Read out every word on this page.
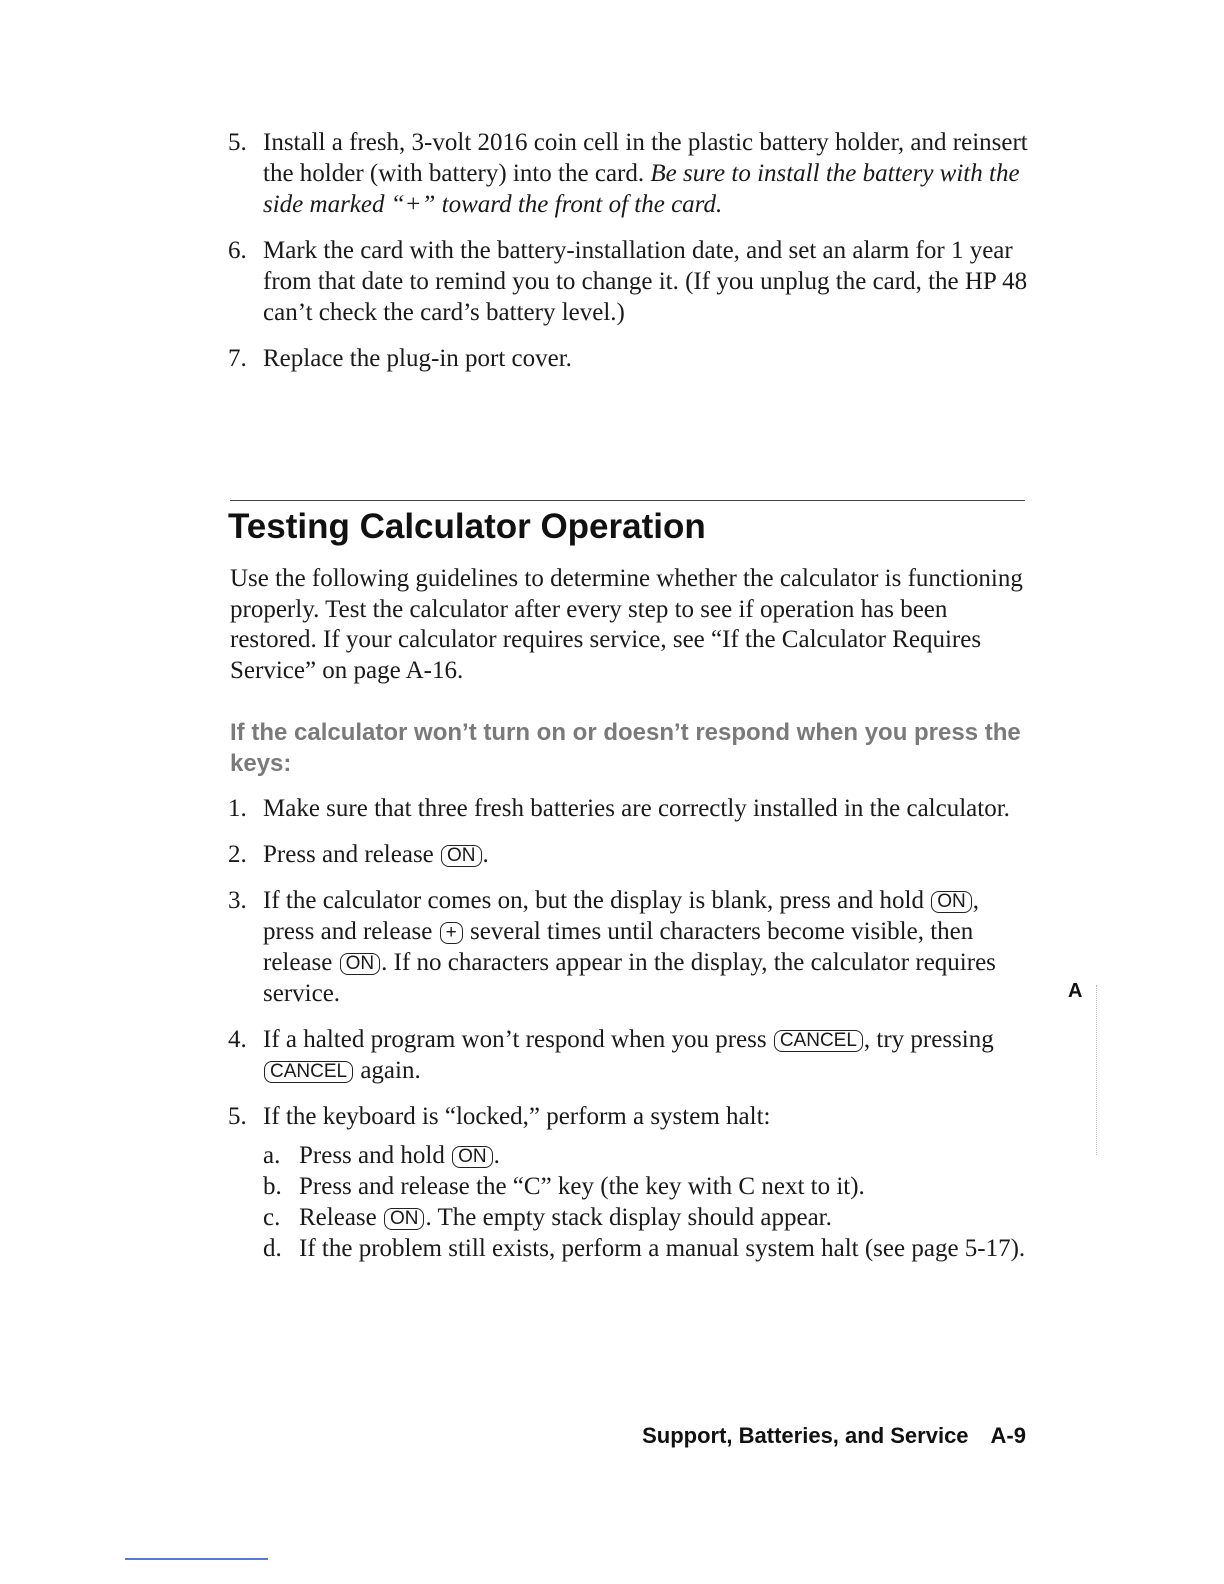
5. Install a fresh, 3-volt 2016 coin cell in the plastic battery holder, and reinsert the holder (with battery) into the card. Be sure to install the battery with the side marked “+” toward the front of the card.
6. Mark the card with the battery-installation date, and set an alarm for 1 year from that date to remind you to change it. (If you unplug the card, the HP 48 can’t check the card’s battery level.)
7. Replace the plug-in port cover.
Testing Calculator Operation

Use the following guidelines to determine whether the calculator is functioning properly. Test the calculator after every step to see if operation has been restored. If your calculator requires service, see “If the Calculator Requires Service” on page A-16.

If the calculator won’t turn on or doesn’t respond when you press the keys:
1. Make sure that three fresh batteries are correctly installed in the calculator.
2. Press and release ON .
3. If the calculator comes on, but the display is blank, press and hold ON , press and release + several times until characters become visible, then release ON . If no characters appear in the display, the calculator requires service.
4. If a halted program won’t respond when you press CANCEL , try pressing CANCEL again.
5. If the keyboard is “locked,” perform a system halt:
a. Press and hold ON .
b. Press and release the “C” key (the key with C next to it).
c. Release ON . The empty stack display should appear.
d. If the problem still exists, perform a manual system halt (see page 5-17).
A
Support, Batteries, and Service A-9
